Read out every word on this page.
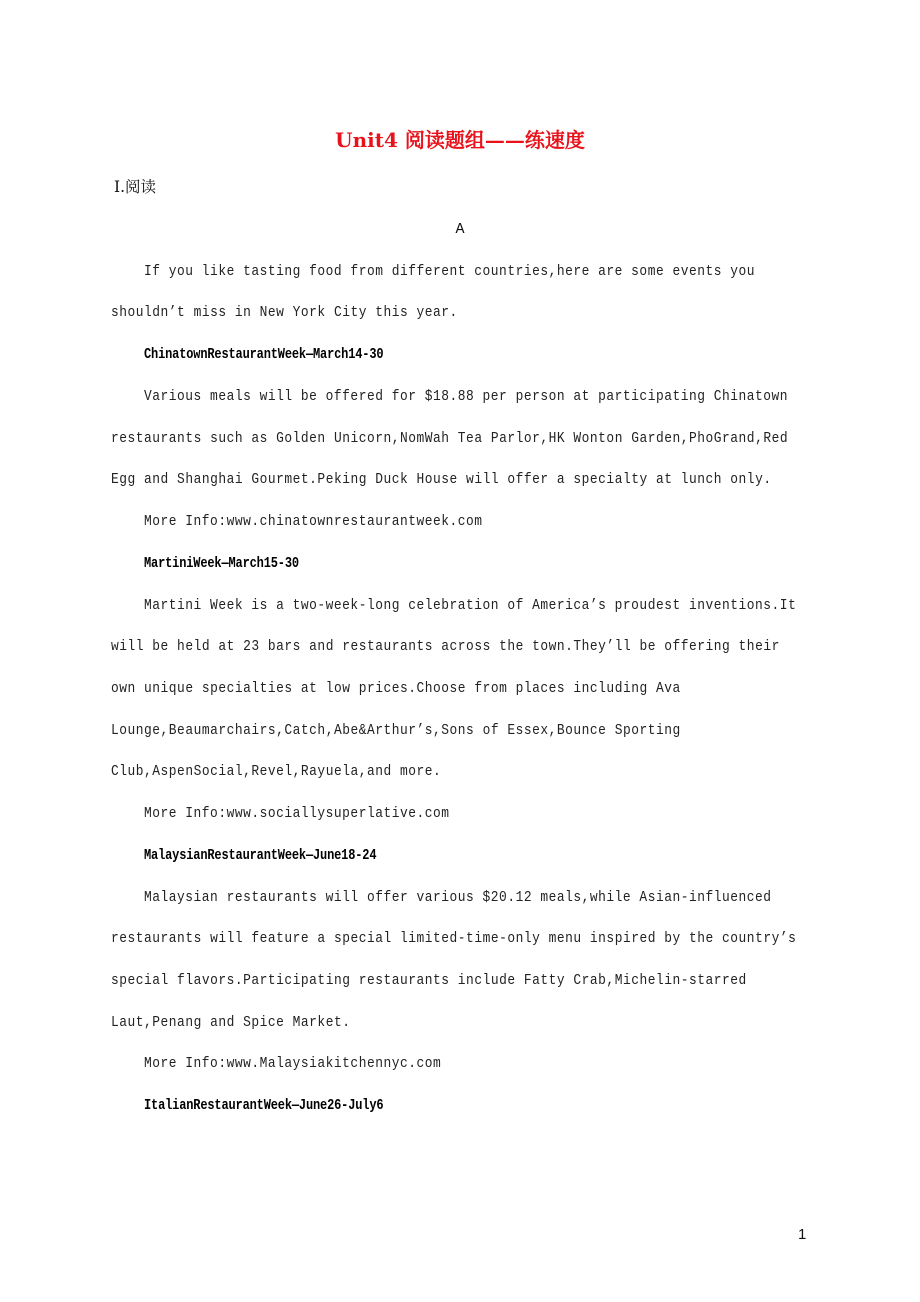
Unit4 阅读题组——练速度
Ⅰ.阅读
A
If you like tasting food from different countries,here are some events you
shouldn’t miss in New York City this year.
ChinatownRestaurantWeek—March14-30
Various meals will be offered for $18.88 per person at participating Chinatown
restaurants such as Golden Unicorn,NomWah Tea Parlor,HK Wonton Garden,PhoGrand,Red
Egg and Shanghai Gourmet.Peking Duck House will offer a specialty at lunch only.
More Info:www.chinatownrestaurantweek.com
MartiniWeek—March15-30
Martini Week is a two-week-long celebration of America’s proudest inventions.It
will be held at 23 bars and restaurants across the town.They’ll be offering their
own unique specialties at low prices.Choose from places including Ava
Lounge,Beaumarchairs,Catch,Abe&Arthur’s,Sons of Essex,Bounce Sporting
Club,AspenSocial,Revel,Rayuela,and more.
More Info:www.sociallysuperlative.com
MalaysianRestaurantWeek—June18-24
Malaysian restaurants will offer various $20.12 meals,while Asian-influenced
restaurants will feature a special limited-time-only menu inspired by the country’s
special flavors.Participating restaurants include Fatty Crab,Michelin-starred
Laut,Penang and Spice Market.
More Info:www.Malaysiakitchennyc.com
ItalianRestaurantWeek—June26-July6
1
